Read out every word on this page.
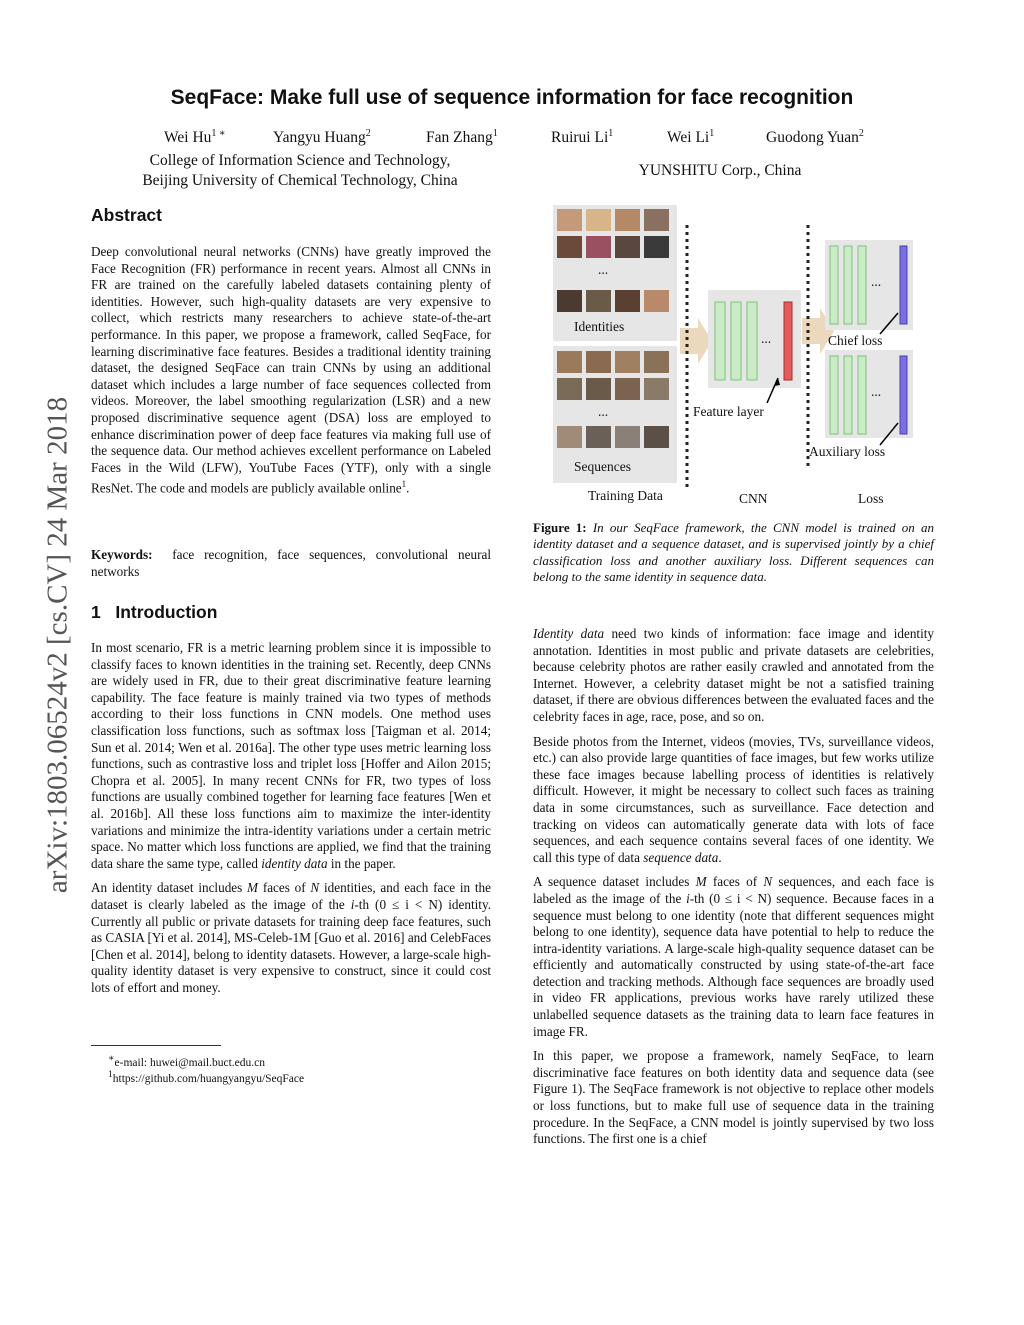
arXiv:1803.06524v2 [cs.CV] 24 Mar 2018
SeqFace: Make full use of sequence information for face recognition
Wei $Hu^{1 ∗}$	Yangyu Huang$^2$	Fan Zhang$^1$	Ruirui Li$^1$	Wei Li$^1$	Guodong Yuan$^2$
College of Information Science and Technology,
Beijing University of Chemical Technology, China
YUNSHITU Corp., China
Abstract
Deep convolutional neural networks (CNNs) have greatly improved the Face Recognition (FR) performance in recent years. Almost all CNNs in FR are trained on the carefully labeled datasets containing plenty of identities. However, such high-quality datasets are very expensive to collect, which restricts many researchers to achieve state-of-the-art performance. In this paper, we propose a framework, called SeqFace, for learning discriminative face features. Besides a traditional identity training dataset, the designed SeqFace can train CNNs by using an additional dataset which includes a large number of face sequences collected from videos. Moreover, the label smoothing regularization (LSR) and a new proposed discriminative sequence agent (DSA) loss are employed to enhance discrimination power of deep face features via making full use of the sequence data. Our method achieves excellent performance on Labeled Faces in the Wild (LFW), YouTube Faces (YTF), only with a single ResNet. The code and models are publicly available online$^1$.
Keywords: face recognition, face sequences, convolutional neural networks
1 Introduction

In most scenario, FR is a metric learning problem since it is impossible to classify faces to known identities in the training set. Recently, deep CNNs are widely used in FR, due to their great discriminative feature learning capability. The face feature is mainly trained via two types of methods according to their loss functions in CNN models. One method uses classification loss functions, such as softmax loss [Taigman et al. 2014; Sun et al. 2014; Wen et al. 2016a]. The other type uses metric learning loss functions, such as contrastive loss and triplet loss [Hoffer and Ailon 2015; Chopra et al. 2005]. In many recent CNNs for FR, two types of loss functions are usually combined together for learning face features [Wen et al. 2016b]. All these loss functions aim to maximize the inter-identity variations and minimize the intra-identity variations under a certain metric space. No matter which loss functions are applied, we find that the training data share the same type, called identity data in the paper.

An identity dataset includes M faces of N identities, and each face in the dataset is clearly labeled as the image of the i-th (0 ≤ i < N) identity. Currently all public or private datasets for training deep face features, such as CASIA [Yi et al. 2014], MS-Celeb-1M [Guo et al. 2016] and CelebFaces [Chen et al. 2014], belong to identity datasets. However, a large-scale high-quality identity dataset is very expensive to construct, since it could cost lots of effort and money.

∗e-mail: huwei@mail.buct.edu.cn
$^1$https://github.com/huangyangyu/SeqFace
...
Identities
...
Sequences
...
...
...
Feature layer
Chief loss
Auxiliary loss
Training Data	CNN	Loss
Figure 1: In our SeqFace framework, the CNN model is trained on an identity dataset and a sequence dataset, and is supervised jointly by a chief classification loss and another auxiliary loss. Different sequences can belong to the same identity in sequence data.

Identity data need two kinds of information: face image and identity annotation. Identities in most public and private datasets are celebrities, because celebrity photos are rather easily crawled and annotated from the Internet. However, a celebrity dataset might be not a satisfied training dataset, if there are obvious differences between the evaluated faces and the celebrity faces in age, race, pose, and so on.

Beside photos from the Internet, videos (movies, TVs, surveillance videos, etc.) can also provide large quantities of face images, but few works utilize these face images because labelling process of identities is relatively difficult. However, it might be necessary to collect such faces as training data in some circumstances, such as surveillance. Face detection and tracking on videos can automatically generate data with lots of face sequences, and each sequence contains several faces of one identity. We call this type of data sequence data.

A sequence dataset includes M faces of N sequences, and each face is labeled as the image of the i-th (0 ≤ i < N) sequence. Because faces in a sequence must belong to one identity (note that different sequences might belong to one identity), sequence data have potential to help to reduce the intra-identity variations. A large-scale high-quality sequence dataset can be efficiently and automatically constructed by using state-of-the-art face detection and tracking methods. Although face sequences are broadly used in video FR applications, previous works have rarely utilized these unlabelled sequence datasets as the training data to learn face features in image FR.

In this paper, we propose a framework, namely SeqFace, to learn discriminative face features on both identity data and sequence data (see Figure 1). The SeqFace framework is not objective to replace other models or loss functions, but to make full use of sequence data in the training procedure. In the SeqFace, a CNN model is jointly supervised by two loss functions. The first one is a chief
